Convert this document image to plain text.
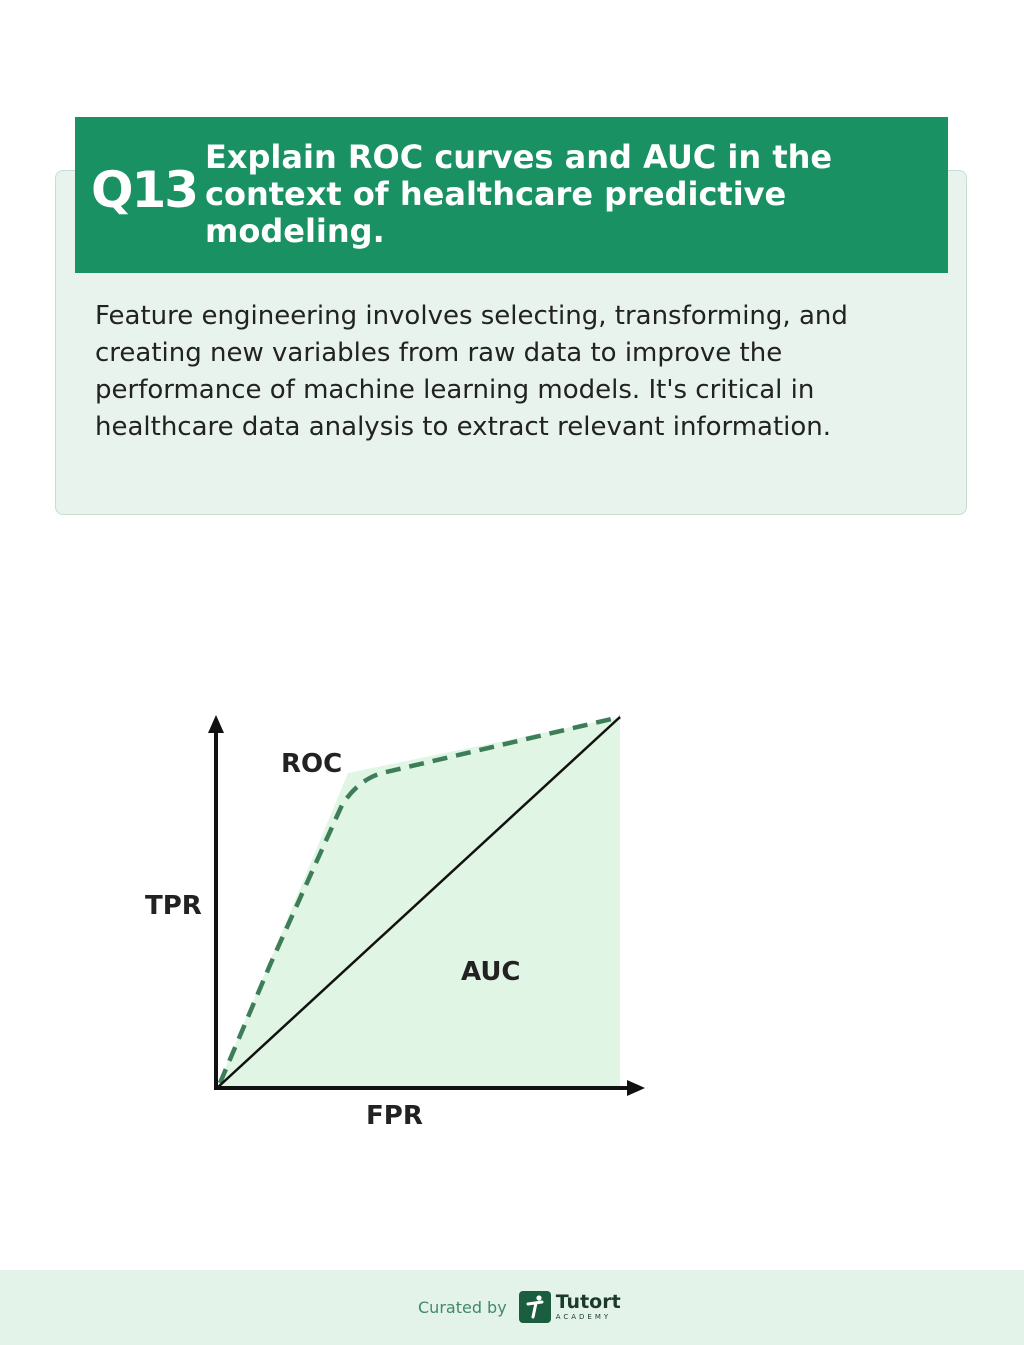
Q13
Explain ROC curves and AUC in the context of healthcare predictive modeling.
Feature engineering involves selecting, transforming, and creating new variables from raw data to improve the performance of machine learning models. It's critical in healthcare data analysis to extract relevant information.
ROC
AUC
TPR
FPR
Curated by	Tutort
ACADEMY
